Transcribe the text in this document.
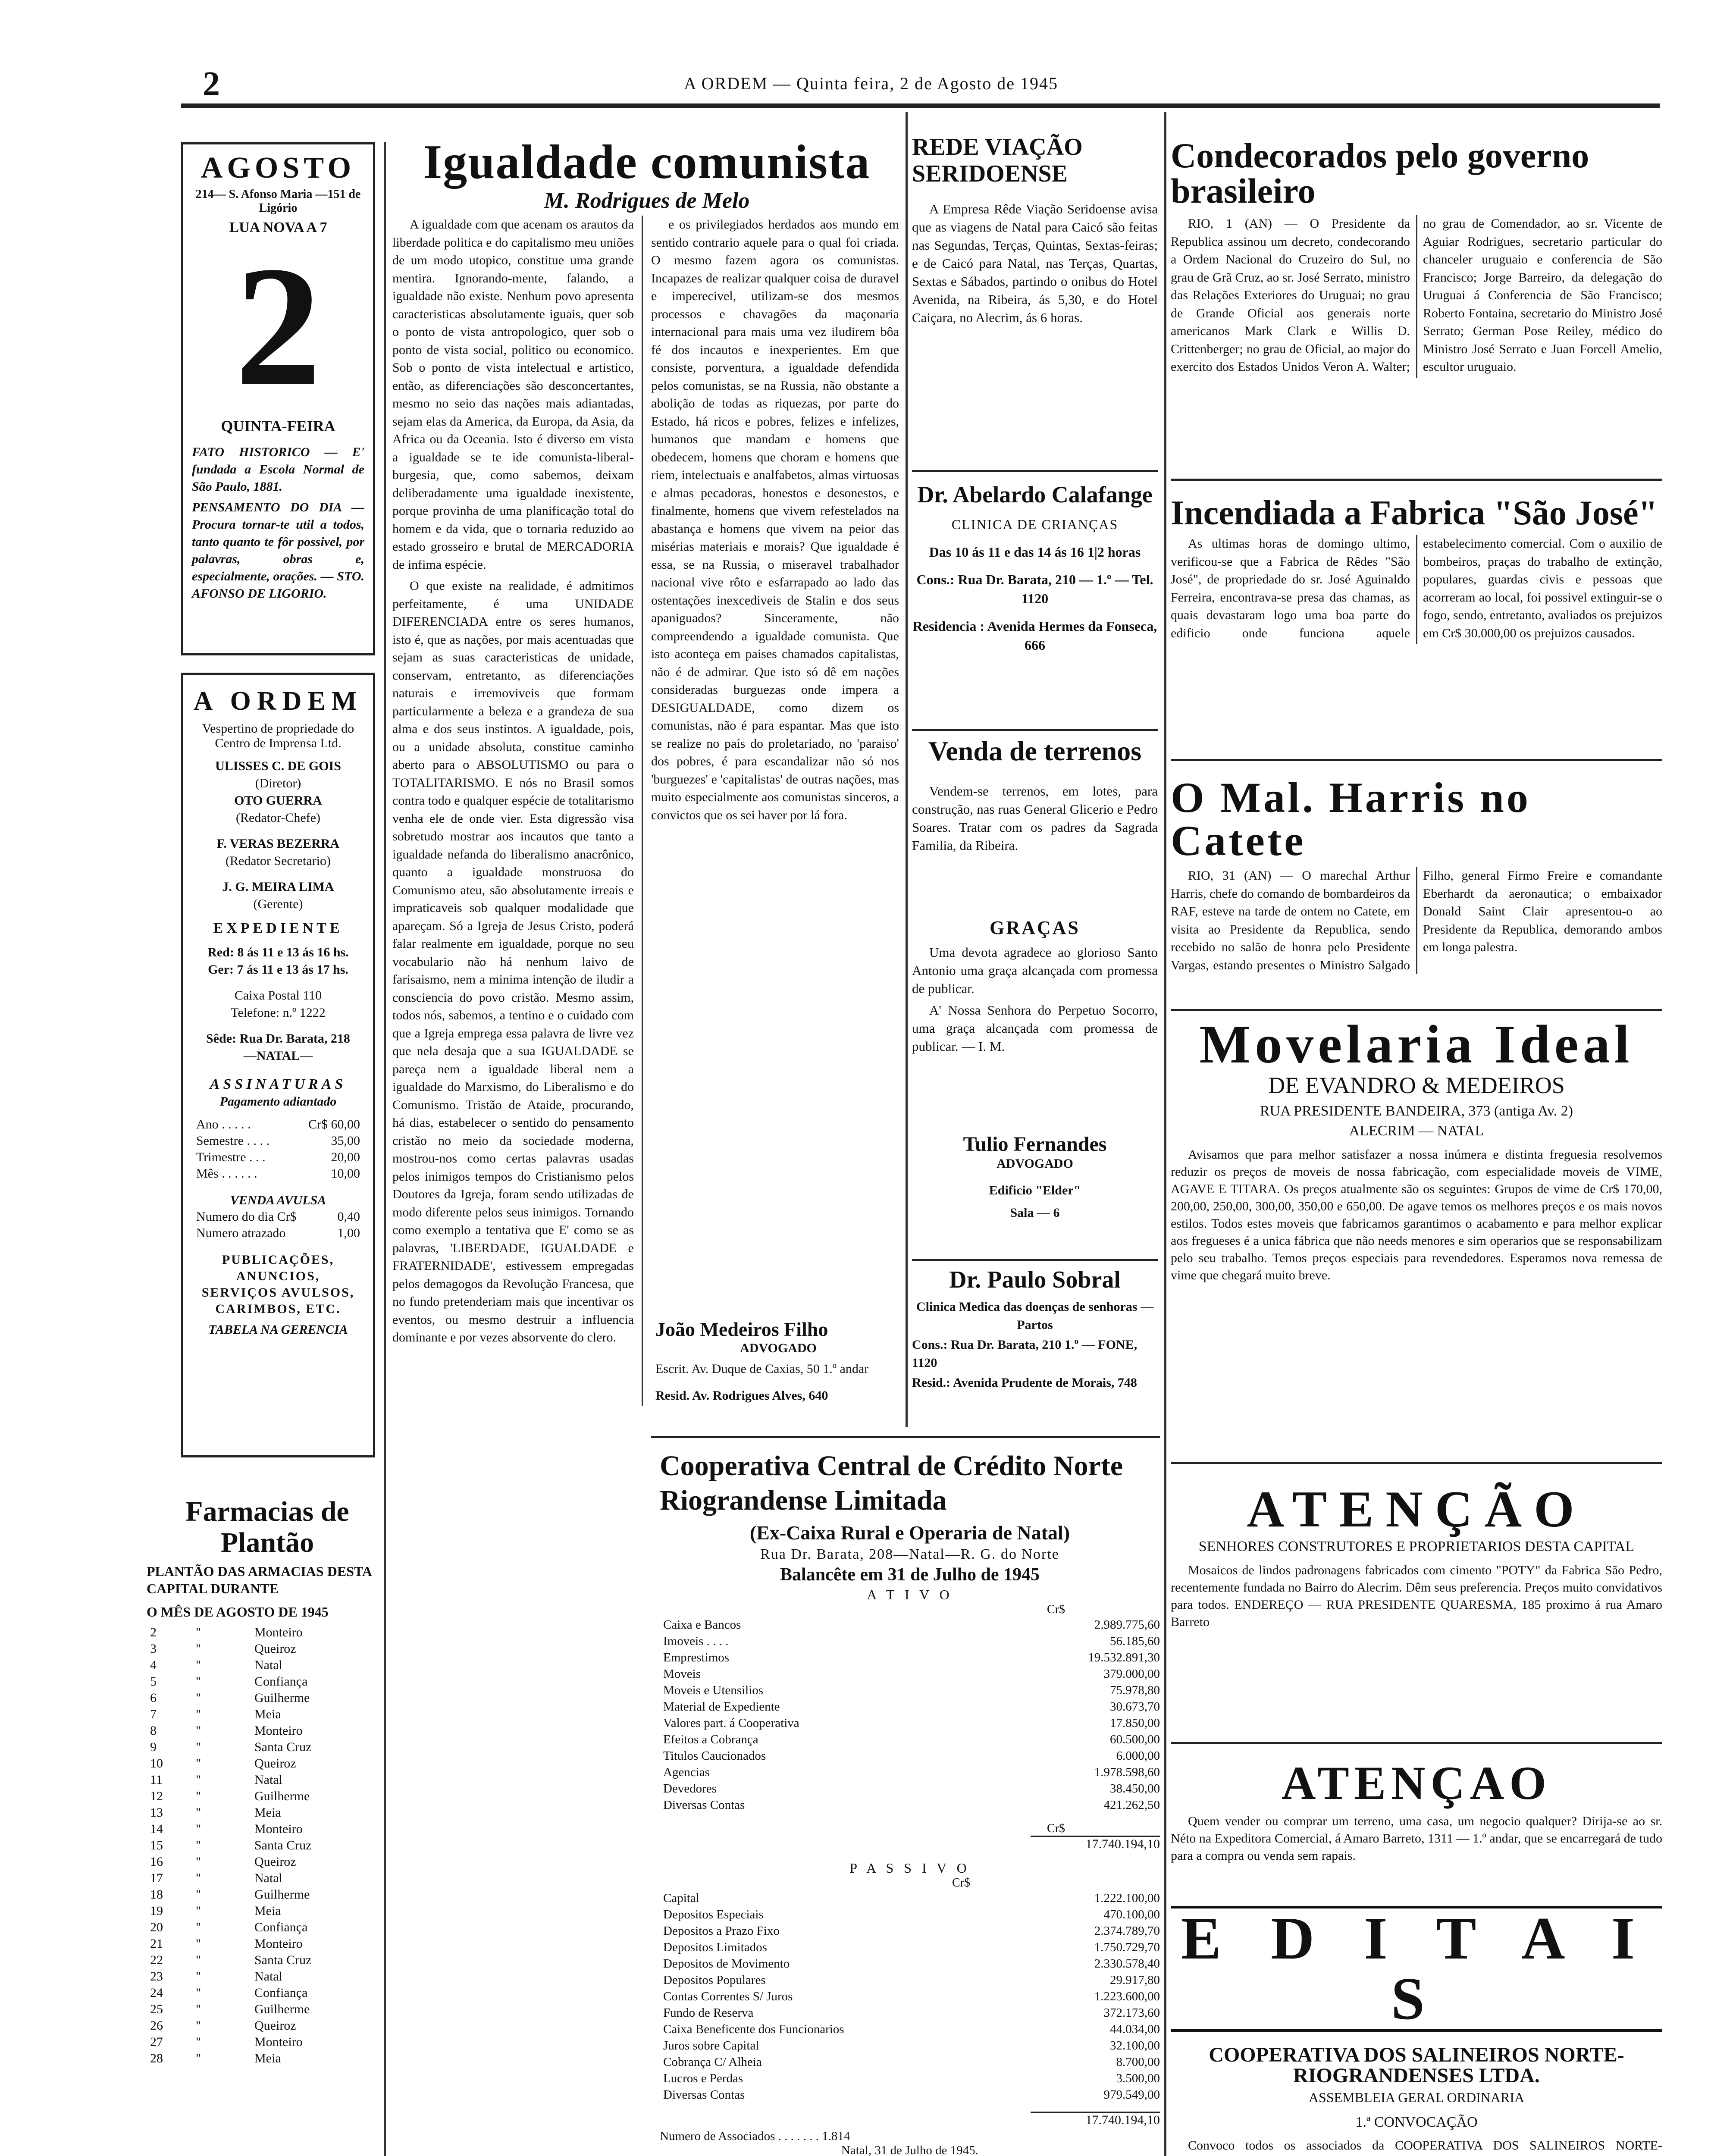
2	A ORDEM — Quinta feira, 2 de Agosto de 1945
AGOSTO
214— S. Afonso Maria —151 de Ligório
LUA NOVA A 7
2
QUINTA-FEIRA

FATO HISTORICO — E' fundada a Escola Normal de São Paulo, 1881.

PENSAMENTO DO DIA — Procura tornar-te util a todos, tanto quanto te fôr possivel, por palavras, obras e, especialmente, orações. — STO. AFONSO DE LIGORIO.

A ORDEM
Vespertino de propriedade do Centro de Imprensa Ltd.
ULISSES C. DE GOIS
(Diretor)
OTO GUERRA
(Redator-Chefe)
F. VERAS BEZERRA
(Redator Secretario)
J. G. MEIRA LIMA
(Gerente)
EXPEDIENTE
Red: 8 ás 11 e 13 ás 16 hs.
Ger: 7 ás 11 e 13 ás 17 hs.
Caixa Postal 110
Telefone: n.º 1222
Sêde: Rua Dr. Barata, 218
—NATAL—
ASSINATURAS
Pagamento adiantado
Ano . . . . .	Cr$ 60,00
Semestre . . . .	35,00
Trimestre . . .	20,00
Mês . . . . . .	10,00
VENDA AVULSA
Numero do dia Cr$	0,40
Numero atrazado	1,00
PUBLICAÇÕES, ANUNCIOS, SERVIÇOS AVULSOS, CARIMBOS, ETC.
TABELA NA GERENCIA
Farmacias de Plantão
PLANTÃO DAS ARMACIAS DESTA CAPITAL DURANTE
O MÊS DE AGOSTO DE 1945
2	"	Monteiro
3	"	Queiroz
4	"	Natal
5	"	Confiança
6	"	Guilherme
7	"	Meia
8	"	Monteiro
9	"	Santa Cruz
10	"	Queiroz
11	"	Natal
12	"	Guilherme
13	"	Meia
14	"	Monteiro
15	"	Santa Cruz
16	"	Queiroz
17	"	Natal
18	"	Guilherme
19	"	Meia
20	"	Confiança
21	"	Monteiro
22	"	Santa Cruz
23	"	Natal
24	"	Confiança
25	"	Guilherme
26	"	Queiroz
27	"	Monteiro
28	"	Meia
Igualdade comunista
M. Rodrigues de Melo

A igualdade com que acenam os arautos da liberdade politica e do capitalismo meu uniões de um modo utopico, constitue uma grande mentira. Ignorando-mente, falando, a igualdade não existe. Nenhum povo apresenta caracteristicas absolutamente iguais, quer sob o ponto de vista antropologico, quer sob o ponto de vista social, politico ou economico. Sob o ponto de vista intelectual e artistico, então, as diferenciações são desconcertantes, mesmo no seio das nações mais adiantadas, sejam elas da America, da Europa, da Asia, da Africa ou da Oceania. Isto é diverso em vista a igualdade se te ide comunista-liberal-burgesia, que, como sabemos, deixam deliberadamente uma igualdade inexistente, porque provinha de uma planificação total do homem e da vida, que o tornaria reduzido ao estado grosseiro e brutal de MERCADORIA de infima espécie.

O que existe na realidade, é admitimos perfeitamente, é uma UNIDADE DIFERENCIADA entre os seres humanos, isto é, que as nações, por mais acentuadas que sejam as suas caracteristicas de unidade, conservam, entretanto, as diferenciações naturais e irremoviveis que formam particularmente a beleza e a grandeza de sua alma e dos seus instintos. A igualdade, pois, ou a unidade absoluta, constitue caminho aberto para o ABSOLUTISMO ou para o TOTALITARISMO. E nós no Brasil somos contra todo e qualquer espécie de totalitarismo venha ele de onde vier. Esta digressão visa sobretudo mostrar aos incautos que tanto a igualdade nefanda do liberalismo anacrônico, quanto a igualdade monstruosa do Comunismo ateu, são absolutamente irreais e impraticaveis sob qualquer modalidade que apareçam. Só a Igreja de Jesus Cristo, poderá falar realmente em igualdade, porque no seu vocabulario não há nenhum laivo de farisaismo, nem a minima intenção de iludir a consciencia do povo cristão. Mesmo assim, todos nós, sabemos, a tentino e o cuidado com que a Igreja emprega essa palavra de livre vez que nela desaja que a sua IGUALDADE se pareça nem a igualdade liberal nem a igualdade do Marxismo, do Liberalismo e do Comunismo. Tristão de Ataide, procurando, há dias, estabelecer o sentido do pensamento cristão no meio da sociedade moderna, mostrou-nos como certas palavras usadas pelos inimigos tempos do Cristianismo pelos Doutores da Igreja, foram sendo utilizadas de modo diferente pelos seus inimigos. Tornando como exemplo a tentativa que E' como se as palavras, 'LIBERDADE, IGUALDADE e FRATERNIDADE', estivessem empregadas pelos demagogos da Revolução Francesa, que no fundo pretenderiam mais que incentivar os eventos, ou mesmo destruir a influencia dominante e por vezes absorvente do clero.

e os privilegiados herdados aos mundo em sentido contrario aquele para o qual foi criada. O mesmo fazem agora os comunistas. Incapazes de realizar qualquer coisa de duravel e imperecivel, utilizam-se dos mesmos processos e chavagões da maçonaria internacional para mais uma vez iludirem bôa fé dos incautos e inexperientes. Em que consiste, porventura, a igualdade defendida pelos comunistas, se na Russia, não obstante a abolição de todas as riquezas, por parte do Estado, há ricos e pobres, felizes e infelizes, humanos que mandam e homens que obedecem, homens que choram e homens que riem, intelectuais e analfabetos, almas virtuosas e almas pecadoras, honestos e desonestos, e finalmente, homens que vivem refestelados na abastança e homens que vivem na peior das misérias materiais e morais? Que igualdade é essa, se na Russia, o miseravel trabalhador nacional vive rôto e esfarrapado ao lado das ostentações inexcediveis de Stalin e dos seus apaniguados? Sinceramente, não compreendendo a igualdade comunista. Que isto aconteça em paises chamados capitalistas, não é de admirar. Que isto só dê em nações consideradas burguezas onde impera a DESIGUALDADE, como dizem os comunistas, não é para espantar. Mas que isto se realize no país do proletariado, no 'paraiso' dos pobres, é para escandalizar não só nos 'burguezes' e 'capitalistas' de outras nações, mas muito especialmente aos comunistas sinceros, a convictos que os sei haver por lá fora.

REDE VIAÇÃO SERIDOENSE

A Empresa Rêde Viação Seridoense avisa que as viagens de Natal para Caicó são feitas nas Segundas, Terças, Quintas, Sextas-feiras; e de Caicó para Natal, nas Terças, Quartas, Sextas e Sábados, partindo o onibus do Hotel Avenida, na Ribeira, ás 5,30, e do Hotel Caiçara, no Alecrim, ás 6 horas.

Dr. Abelardo Calafange
CLINICA DE CRIANÇAS
Das 10 ás 11 e das 14 ás 16 1|2 horas
Cons.: Rua Dr. Barata, 210 — 1.º — Tel. 1120
Residencia : Avenida Hermes da Fonseca, 666
Venda de terrenos

Vendem-se terrenos, em lotes, para construção, nas ruas General Glicerio e Pedro Soares. Tratar com os padres da Sagrada Familia, da Ribeira.

GRAÇAS

Uma devota agradece ao glorioso Santo Antonio uma graça alcançada com promessa de publicar.

A' Nossa Senhora do Perpetuo Socorro, uma graça alcançada com promessa de publicar. — I. M.

Tulio Fernandes
ADVOGADO
Edificio "Elder"
Sala — 6
Dr. Paulo Sobral
Clinica Medica das doenças de senhoras — Partos
Cons.: Rua Dr. Barata, 210 1.º — FONE, 1120
Resid.: Avenida Prudente de Morais, 748
João Medeiros Filho
ADVOGADO
Escrit. Av. Duque de Caxias, 50 1.º andar
Resid. Av. Rodrigues Alves, 640
Cooperativa Central de Crédito Norte Riograndense Limitada
(Ex-Caixa Rural e Operaria de Natal)
Rua Dr. Barata, 208—Natal—R. G. do Norte
Balancête em 31 de Julho de 1945
A T I V O
Cr$
Caixa e Bancos	2.989.775,60
Imoveis . . . .	56.185,60
Emprestimos	19.532.891,30
Moveis	379.000,00
Moveis e Utensilios	75.978,80
Material de Expediente	30.673,70
Valores part. á Cooperativa	17.850,00
Efeitos a Cobrança	60.500,00
Titulos Caucionados	6.000,00
Agencias	1.978.598,60
Devedores	38.450,00
Diversas Contas	421.262,50
Cr$
17.740.194,10
P A S S I V O
Cr$
Capital	1.222.100,00
Depositos Especiais	470.100,00
Depositos a Prazo Fixo	2.374.789,70
Depositos Limitados	1.750.729,70
Depositos de Movimento	2.330.578,40
Depositos Populares	29.917,80
Contas Correntes S/ Juros	1.223.600,00
Fundo de Reserva	372.173,60
Caixa Beneficente dos Funcionarios	44.034,00
Juros sobre Capital	32.100,00
Cobrança C/ Alheia	8.700,00
Lucros e Perdas	3.500,00
Diversas Contas	979.549,00
17.740.194,10
Numero de Associados . . . . . . . 1.814
Natal, 31 de Julho de 1945.

Condecorados pelo governo brasileiro

RIO, 1 (AN) — O Presidente da Republica assinou um decreto, condecorando a Ordem Nacional do Cruzeiro do Sul, no grau de Grã Cruz, ao sr. José Serrato, ministro das Relações Exteriores do Uruguai; no grau de Grande Oficial aos generais norte americanos Mark Clark e Willis D. Crittenberger; no grau de Oficial, ao major do exercito dos Estados Unidos Veron A. Walter; no grau de Comendador, ao sr. Vicente de Aguiar Rodrigues, secretario particular do chanceler uruguaio e conferencia de São Francisco; Jorge Barreiro, da delegação do Uruguai á Conferencia de São Francisco; Roberto Fontaina, secretario do Ministro José Serrato; German Pose Reiley, médico do Ministro José Serrato e Juan Forcell Amelio, escultor uruguaio.

Incendiada a Fabrica "São José"

As ultimas horas de domingo ultimo, verificou-se que a Fabrica de Rêdes "São José", de propriedade do sr. José Aguinaldo Ferreira, encontrava-se presa das chamas, as quais devastaram logo uma boa parte do edificio onde funciona aquele estabelecimento comercial. Com o auxilio de bombeiros, praças do trabalho de extinção, populares, guardas civis e pessoas que acorreram ao local, foi possivel extinguir-se o fogo, sendo, entretanto, avaliados os prejuizos em Cr$ 30.000,00 os prejuizos causados.

O Mal. Harris no Catete

RIO, 31 (AN) — O marechal Arthur Harris, chefe do comando de bombardeiros da RAF, esteve na tarde de ontem no Catete, em visita ao Presidente da Republica, sendo recebido no salão de honra pelo Presidente Vargas, estando presentes o Ministro Salgado Filho, general Firmo Freire e comandante Eberhardt da aeronautica; o embaixador Donald Saint Clair apresentou-o ao Presidente da Republica, demorando ambos em longa palestra.

Movelaria Ideal
DE EVANDRO & MEDEIROS
RUA PRESIDENTE BANDEIRA, 373 (antiga Av. 2)
ALECRIM — NATAL

Avisamos que para melhor satisfazer a nossa inúmera e distinta freguesia resolvemos reduzir os preços de moveis de nossa fabricação, com especialidade moveis de VIME, AGAVE E TITARA. Os preços atualmente são os seguintes: Grupos de vime de Cr$ 170,00, 200,00, 250,00, 300,00, 350,00 e 650,00. De agave temos os melhores preços e os mais novos estilos. Todos estes moveis que fabricamos garantimos o acabamento e para melhor explicar aos fregueses é a unica fábrica que não needs menores e sim operarios que se responsabilizam pelo seu trabalho. Temos preços especiais para revendedores. Esperamos nova remessa de vime que chegará muito breve.

ATENÇÃO
SENHORES CONSTRUTORES E PROPRIETARIOS DESTA CAPITAL

Mosaicos de lindos padronagens fabricados com cimento "POTY" da Fabrica São Pedro, recentemente fundada no Bairro do Alecrim. Dêm seus preferencia. Preços muito convidativos para todos. ENDEREÇO — RUA PRESIDENTE QUARESMA, 185 proximo á rua Amaro Barreto

ATENÇAO

Quem vender ou comprar um terreno, uma casa, um negocio qualquer? Dirija-se ao sr. Néto na Expeditora Comercial, á Amaro Barreto, 1311 — 1.º andar, que se encarregará de tudo para a compra ou venda sem rapais.

E D I T A I S
COOPERATIVA DOS SALINEIROS NORTE-RIOGRANDENSES LTDA.
ASSEMBLEIA GERAL ORDINARIA
1.ª CONVOCAÇÃO

Convoco todos os associados da COOPERATIVA DOS SALINEIROS NORTE-
